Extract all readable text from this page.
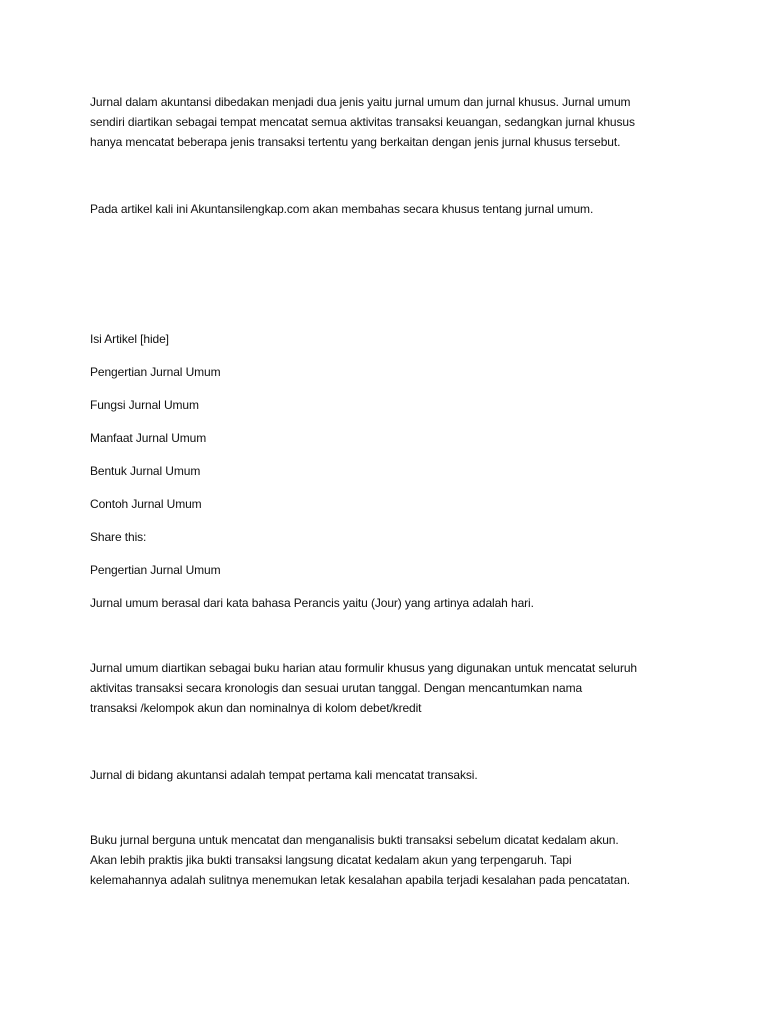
Jurnal dalam akuntansi dibedakan menjadi dua jenis yaitu jurnal umum dan jurnal khusus. Jurnal umum
sendiri diartikan sebagai tempat mencatat semua aktivitas transaksi keuangan, sedangkan jurnal khusus
hanya mencatat beberapa jenis transaksi tertentu yang berkaitan dengan jenis jurnal khusus tersebut.
Pada artikel kali ini Akuntansilengkap.com akan membahas secara khusus tentang jurnal umum.
Isi Artikel [hide]
Pengertian Jurnal Umum
Fungsi Jurnal Umum
Manfaat Jurnal Umum
Bentuk Jurnal Umum
Contoh Jurnal Umum
Share this:
Pengertian Jurnal Umum
Jurnal umum berasal dari kata bahasa Perancis yaitu (Jour) yang artinya adalah hari.
Jurnal umum diartikan sebagai buku harian atau formulir khusus yang digunakan untuk mencatat seluruh
aktivitas transaksi secara kronologis dan sesuai urutan tanggal. Dengan mencantumkan nama
transaksi /kelompok akun dan nominalnya di kolom debet/kredit
Jurnal di bidang akuntansi adalah tempat pertama kali mencatat transaksi.
Buku jurnal berguna untuk mencatat dan menganalisis bukti transaksi sebelum dicatat kedalam akun.
Akan lebih praktis jika bukti transaksi langsung dicatat kedalam akun yang terpengaruh. Tapi
kelemahannya adalah sulitnya menemukan letak kesalahan apabila terjadi kesalahan pada pencatatan.
